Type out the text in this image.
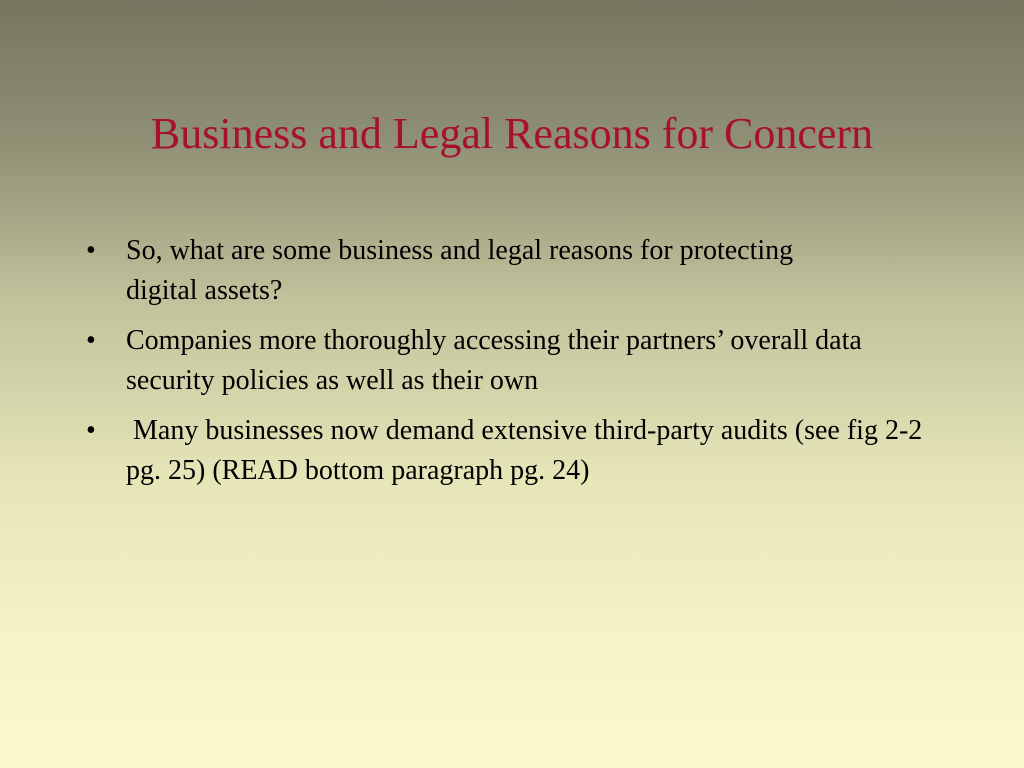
Business and Legal Reasons for Concern
•	So, what are some business and legal reasons for protecting digital assets?
•	Companies more thoroughly accessing their partners’ overall data security policies as well as their own
•	Many businesses now demand extensive third-party audits (see fig 2-2 pg. 25) (READ bottom paragraph pg. 24)
